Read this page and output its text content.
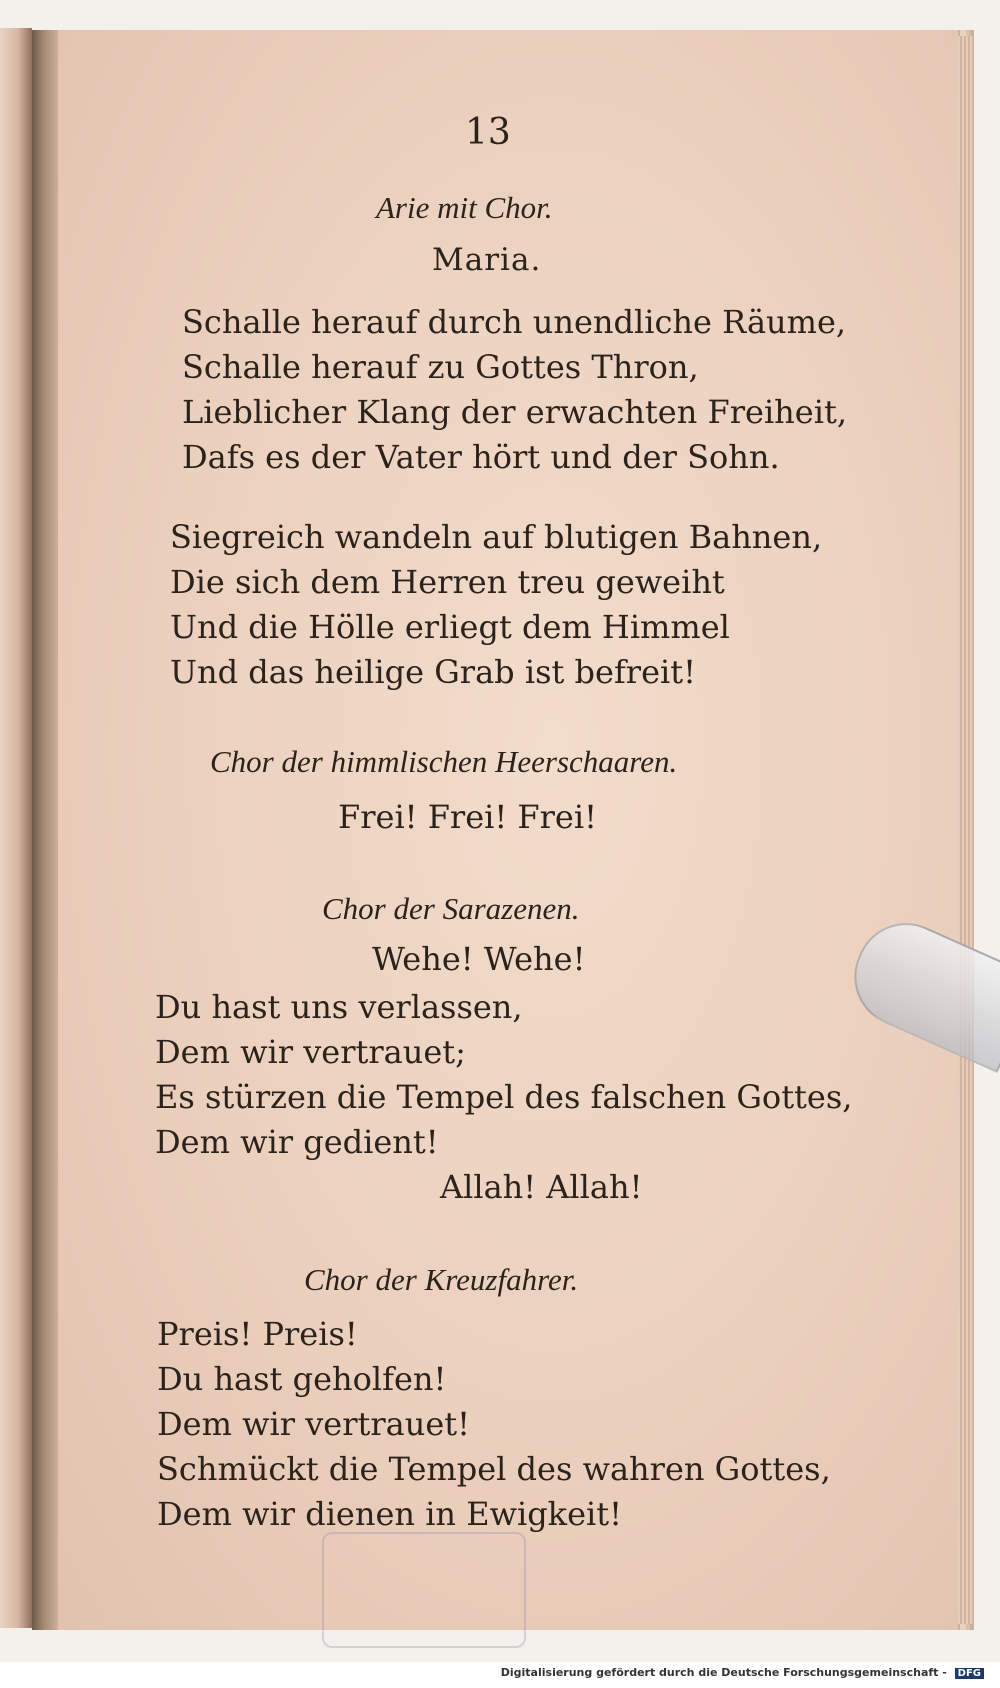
13
Arie mit Chor.
Maria.
Schalle herauf durch unendliche Räume,
Schalle herauf zu Gottes Thron,
Lieblicher Klang der erwachten Freiheit,
Dafs es der Vater hört und der Sohn.
Siegreich wandeln auf blutigen Bahnen,
Die sich dem Herren treu geweiht
Und die Hölle erliegt dem Himmel
Und das heilige Grab ist befreit!
Chor der himmlischen Heerschaaren.
Frei! Frei! Frei!
Chor der Sarazenen.
Wehe! Wehe!
Du hast uns verlassen,
Dem wir vertrauet;
Es stürzen die Tempel des falschen Gottes,
Dem wir gedient!
Allah! Allah!
Chor der Kreuzfahrer.
Preis! Preis!
Du hast geholfen!
Dem wir vertrauet!
Schmückt die Tempel des wahren Gottes,
Dem wir dienen in Ewigkeit!
Digitalisierung gefördert durch die Deutsche Forschungsgemeinschaft - DFG
